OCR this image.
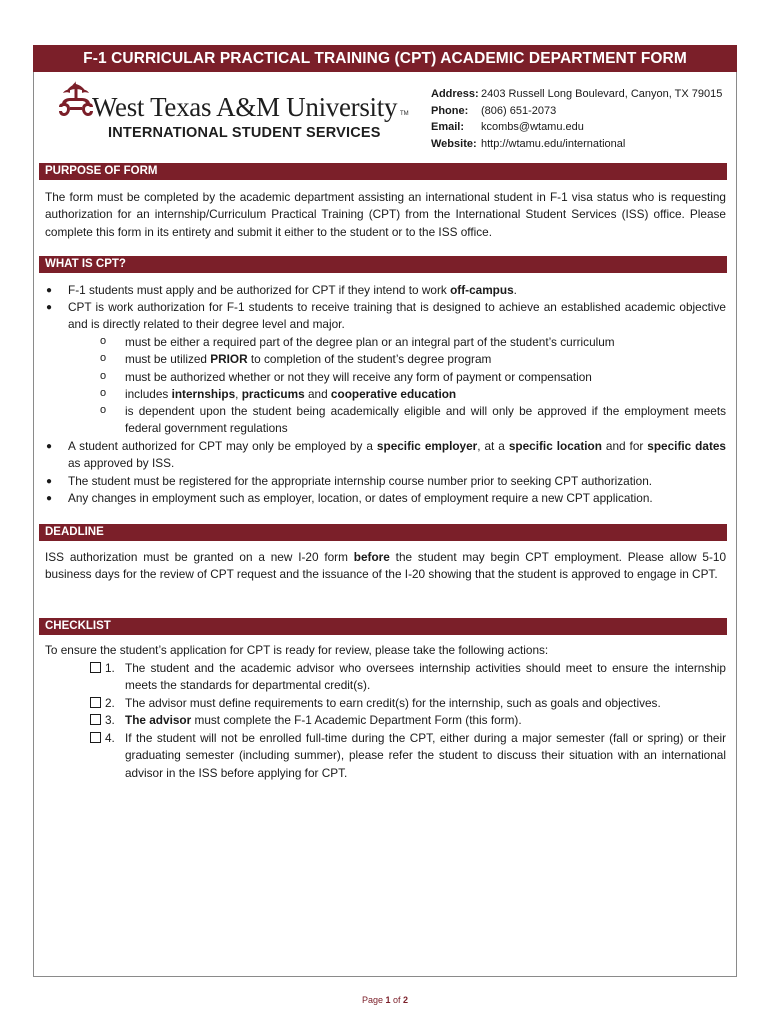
F-1 CURRICULAR PRACTICAL TRAINING (CPT) ACADEMIC DEPARTMENT FORM
West Texas A&M University TM
INTERNATIONAL STUDENT SERVICES
Address: 2403 Russell Long Boulevard, Canyon, TX 79015
Phone: (806) 651-2073
Email: kcombs@wtamu.edu
Website: http://wtamu.edu/international
PURPOSE OF FORM

The form must be completed by the academic department assisting an international student in F-1 visa status who is requesting authorization for an internship/Curriculum Practical Training (CPT) from the International Student Services (ISS) office. Please complete this form in its entirety and submit it either to the student or to the ISS office.

WHAT IS CPT?

● F-1 students must apply and be authorized for CPT if they intend to work off-campus.

● CPT is work authorization for F-1 students to receive training that is designed to achieve an established academic objective and is directly related to their degree level and major.

o must be either a required part of the degree plan or an integral part of the student’s curriculum

o must be utilized PRIOR to completion of the student’s degree program

o must be authorized whether or not they will receive any form of payment or compensation

o includes internships, practicums and cooperative education

o is dependent upon the student being academically eligible and will only be approved if the employment meets federal government regulations

● A student authorized for CPT may only be employed by a specific employer, at a specific location and for specific dates as approved by ISS.

● The student must be registered for the appropriate internship course number prior to seeking CPT authorization.

● Any changes in employment such as employer, location, or dates of employment require a new CPT application.

DEADLINE

ISS authorization must be granted on a new I-20 form before the student may begin CPT employment. Please allow 5-10 business days for the review of CPT request and the issuance of the I-20 showing that the student is approved to engage in CPT.

CHECKLIST

To ensure the student’s application for CPT is ready for review, please take the following actions:

1. The student and the academic advisor who oversees internship activities should meet to ensure the internship meets the standards for departmental credit(s).

2. The advisor must define requirements to earn credit(s) for the internship, such as goals and objectives.

3. The advisor must complete the F-1 Academic Department Form (this form).

4. If the student will not be enrolled full-time during the CPT, either during a major semester (fall or spring) or their graduating semester (including summer), please refer the student to discuss their situation with an international advisor in the ISS before applying for CPT.

Page 1 of 2
